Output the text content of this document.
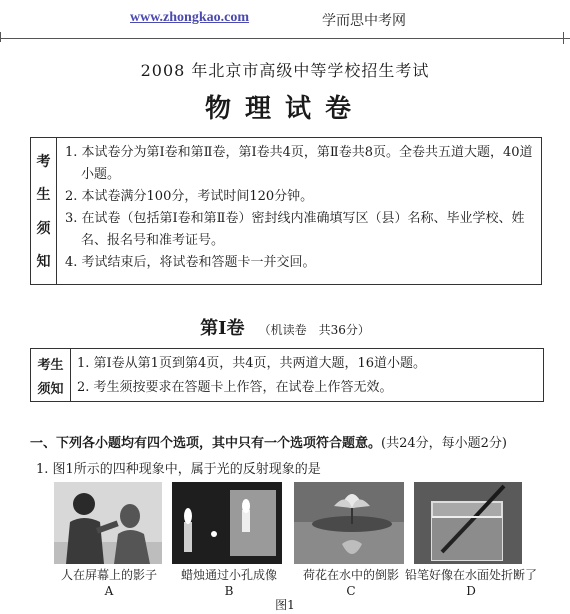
www.zhongkao.com	学而思中考网
2008 年北京市高级中等学校招生考试
物理试卷
考
生
须
知
1. 本试卷分为第Ⅰ卷和第Ⅱ卷，第Ⅰ卷共4页，第Ⅱ卷共8页。全卷共五道大题，40道小题。
2. 本试卷满分100分，考试时间120分钟。
3. 在试卷（包括第Ⅰ卷和第Ⅱ卷）密封线内准确填写区（县）名称、毕业学校、姓名、报名号和准考证号。
4. 考试结束后，将试卷和答题卡一并交回。
第Ⅰ卷 （机读卷　共36分）
考生
须知
1. 第Ⅰ卷从第1页到第4页，共4页，共两道大题，16道小题。
2. 考生须按要求在答题卡上作答，在试卷上作答无效。
一、下列各小题均有四个选项，其中只有一个选项符合题意。(共24分，每小题2分)
1. 图1所示的四种现象中，属于光的反射现象的是
人在屏幕上的影子
A
蜡烛通过小孔成像
B
荷花在水中的倒影
C
铅笔好像在水面处折断了
D
图1
